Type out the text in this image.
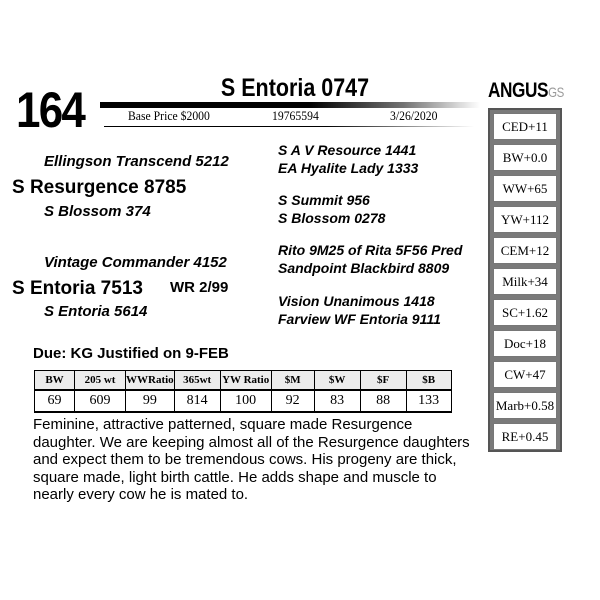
164	S Entoria 0747
Base Price $2000	19765594	3/26/2020
Ellingson Transcend 5212
S Resurgence 8785
S Blossom 374
Vintage Commander 4152
S Entoria 7513 WR 2/99
S Entoria 5614
S A V Resource 1441
EA Hyalite Lady 1333
S Summit 956
S Blossom 0278
Rito 9M25 of Rita 5F56 Pred
Sandpoint Blackbird 8809
Vision Unanimous 1418
Farview WF Entoria 9111
Due: KG Justified on 9-FEB
BW	205 wt	WWRatio	365wt	YW Ratio	$M	$W	$F	$B
69	609	99	814	100	92	83	88	133
Feminine, attractive patterned, square made Resurgence daughter. We are keeping almost all of the Resurgence daughters and expect them to be tremendous cows. His progeny are thick, square made, light birth cattle. He adds shape and muscle to nearly every cow he is mated to.
ANGUSGS
CED+11
BW+0.0
WW+65
YW+112
CEM+12
Milk+34
SC+1.62
Doc+18
CW+47
Marb+0.58
RE+0.45
